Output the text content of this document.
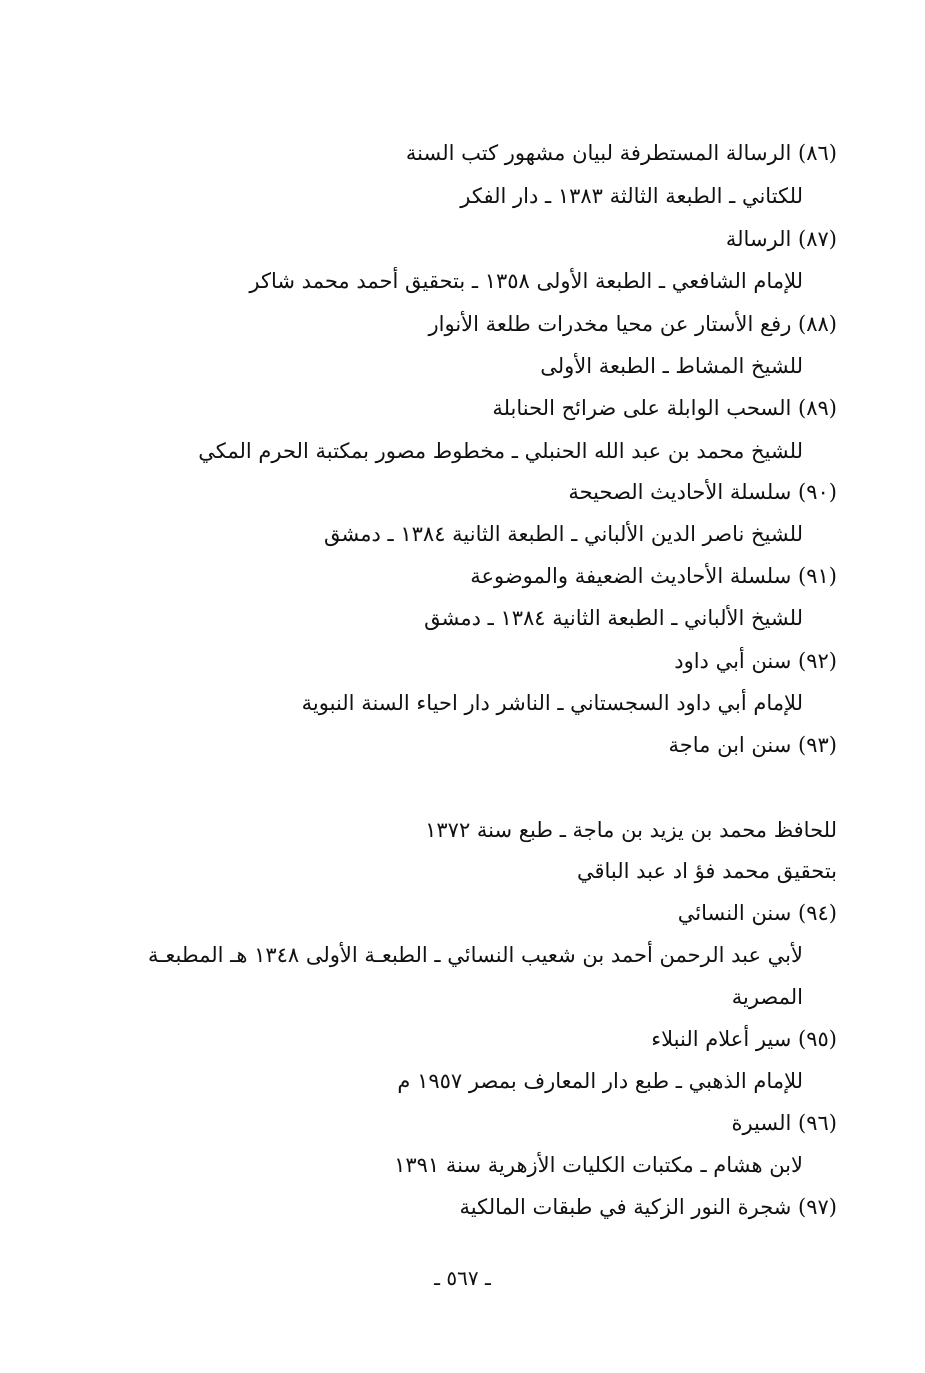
(٨٦) الرسالة المستطرفة لبيان مشهور كتب السنة
للكتاني ـ الطبعة الثالثة ١٣٨٣ ـ دار الفكر
(٨٧) الرسالة
للإمام الشافعي ـ الطبعة الأولى ١٣٥٨ ـ بتحقيق أحمد محمد شاكر
(٨٨) رفع الأستار عن محيا مخدرات طلعة الأنوار
للشيخ المشاط ـ الطبعة الأولى
(٨٩) السحب الوابلة على ضرائح الحنابلة
للشيخ محمد بن عبد الله الحنبلي ـ مخطوط مصور بمكتبة الحرم المكي
(٩٠) سلسلة الأحاديث الصحيحة
للشيخ ناصر الدين الألباني ـ الطبعة الثانية ١٣٨٤ ـ دمشق
(٩١) سلسلة الأحاديث الضعيفة والموضوعة
للشيخ الألباني ـ الطبعة الثانية ١٣٨٤ ـ دمشق
(٩٢) سنن أبي داود
للإمام أبي داود السجستاني ـ الناشر دار احياء السنة النبوية
(٩٣) سنن ابن ماجة
للحافظ محمد بن يزيد بن ماجة ـ طبع سنة ١٣٧٢
بتحقيق محمد فؤ اد عبد الباقي
(٩٤) سنن النسائي
لأبي عبد الرحمن أحمد بن شعيب النسائي ـ الطبعـة الأولى ١٣٤٨ هـ المطبعـة
المصرية
(٩٥) سير أعلام النبلاء
للإمام الذهبي ـ طبع دار المعارف بمصر ١٩٥٧ م
(٩٦) السيرة
لابن هشام ـ مكتبات الكليات الأزهرية سنة ١٣٩١
(٩٧) شجرة النور الزكية في طبقات المالكية
ـ ٥٦٧ ـ
